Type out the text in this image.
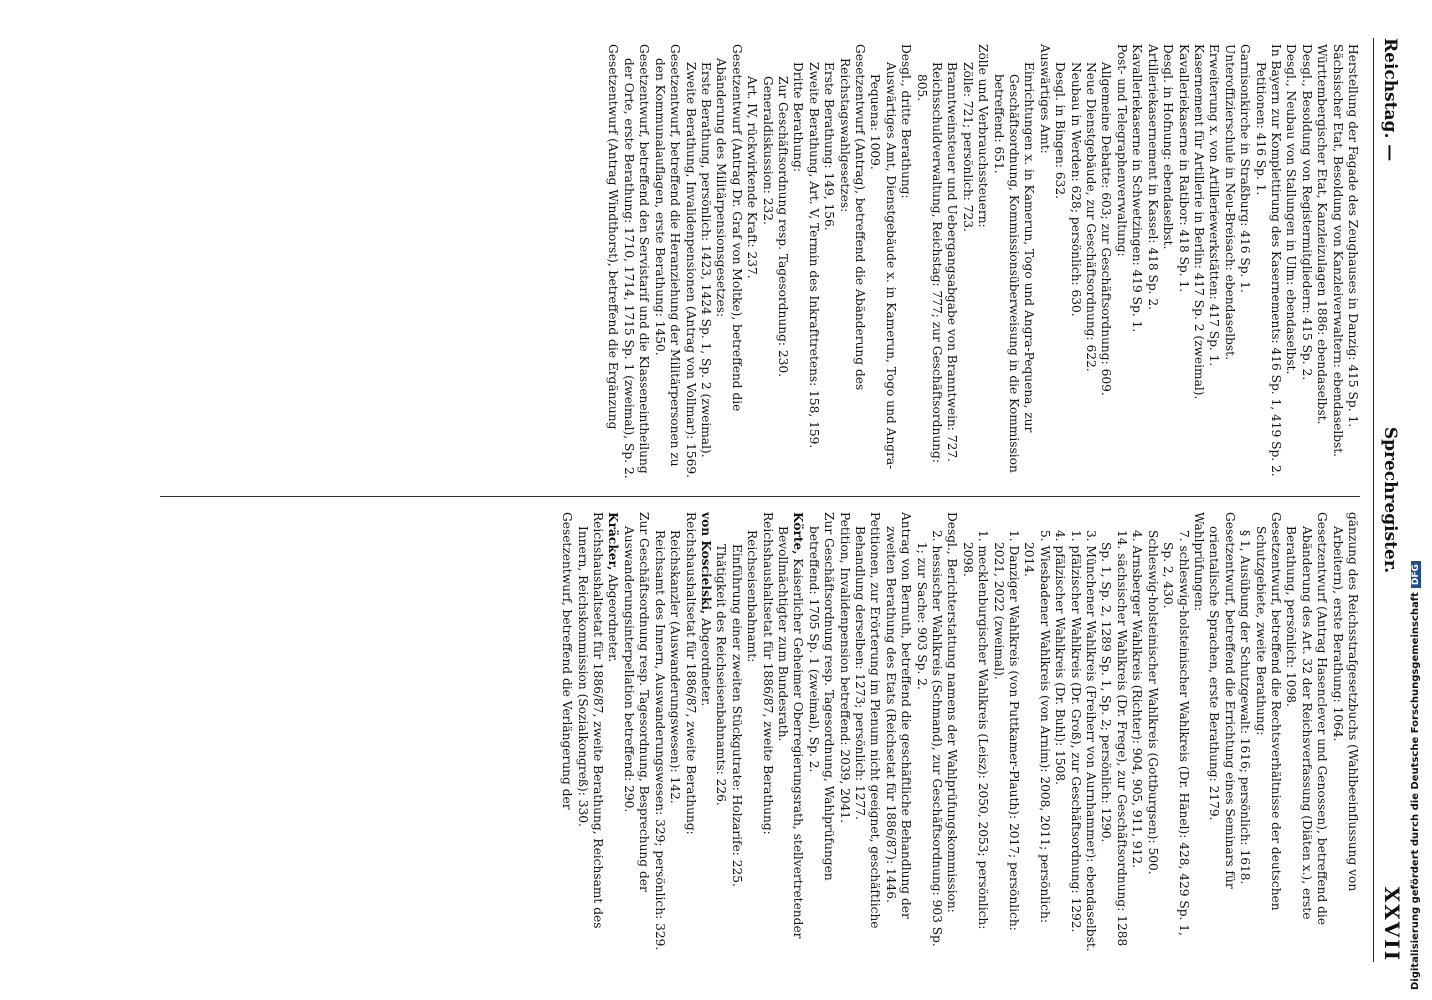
Reichstag. —
Sprechregister.
XXVII

Herstellung der Fagade des Zeughauses in Danzig: 415 Sp. 1.

Sächsischer Etat, Besoldung von Kanzleiverwaltern: ebendaselbst.

Württembergischer Etat, Kanzleizulagen 1886: ebendaselbst.

Desgl., Besoldung von Registermitgliedern: 415 Sp. 2.

Desgl., Neubau von Stallungen in Ulm: ebendaselbst.

In Bayern zur Komplettirung des Kasernements: 416 Sp. 1, 419 Sp. 2.

Petitionen: 416 Sp. 1.

Garnisonkirche in Straßburg: 416 Sp. 1.

Unteroffizierschule in Neu-Breisach: ebendaselbst.

Erweiterung x. von Artilleriewerkstätten: 417 Sp. 1.

Kasernement für Artillerie in Berlin: 417 Sp. 2 (zweimal).

Kavalleriekaserne in Ratibor: 418 Sp. 1.

Desgl. in Hofnung: ebendaselbst.

Artilleriekasernement in Kassel: 418 Sp. 2.

Kavalleriekaserne in Schwetzingen: 419 Sp. 1.

Post- und Telegraphenverwaltung:

Allgemeine Debatte: 603; zur Geschäftsordnung: 609.

Neue Dienstgebäude, zur Geschäftsordnung: 622.

Neubau in Werden: 628; persönlich: 630.

Desgl. in Bingen: 632.

Auswärtiges Amt:

Einrichtungen x. in Kamerun, Togo und Angra-Pequena, zur Geschäftsordnung, Kommissionsüberweisung in die Kommission betreffend: 651.

Zölle und Verbrauchssteuern:

Zölle: 721; persönlich: 723.

Branntweinsteuer und Uebergangsabgabe von Branntwein: 727.

Reichsschuldverwaltung, Reichstag: 777; zur Geschäftsordnung: 805.

Desgl., dritte Berathung:

Auswärtiges Amt, Dienstgebäude x. in Kamerun, Togo und Angra-Pequena: 1009.

Gesetzentwurf (Antrag), betreffend die Abänderung des Reichstagswahlgesetzes:

Erste Berathung: 149, 156.

Zweite Berathung, Art. V, Termin des Inkrafttretens: 158, 159.

Dritte Berathung:

Zur Geschäftsordnung resp. Tagesordnung: 230.

Generaldiskussion: 232.

Art. IV, rückwirkende Kraft: 237.

Gesetzentwurf (Antrag Dr. Graf von Moltke), betreffend die Abänderung des Militärpensionsgesetzes:

Erste Berathung, persönlich: 1423, 1424 Sp. 1, Sp. 2 (zweimal).

Zweite Berathung, Invalidenpensionen (Antrag von Vollmar): 1569.

Gesetzentwurf, betreffend die Heranziehung der Militärpersonen zu den Kommunalauflagen, erste Berathung: 1450.

Gesetzentwurf, betreffend den Servistarif und die Klasseneintheilung der Orte, erste Berathung: 1710, 1714, 1715 Sp. 1 (zweimal), Sp. 2.

Gesetzentwurf (Antrag Windthorst), betreffend die Ergänzung

gänzung des Reichsstrafgesetzbuchs (Wahlbeeinflussung von Arbeitern), erste Berathung: 1064.

Gesetzentwurf (Antrag Hasenclever und Genossen), betreffend die Abänderung des Art. 32 der Reichsverfassung (Diäten x.), erste Berathung, persönlich: 1098.

Gesetzentwurf, betreffend die Rechtsverhältnisse der deutschen Schutzgebiete, zweite Berathung:

§ 1, Ausübung der Schutzgewalt: 1616; persönlich: 1618.

Gesetzentwurf, betreffend die Errichtung eines Seminars für orientalische Sprachen, erste Berathung: 2179.

Wahlprüfungen:

7. schleswig-holsteinischer Wahlkreis (Dr. Hänel): 428, 429 Sp. 1, Sp. 2, 430.

Schleswig-holsteinischer Wahlkreis (Gottburgsen): 500.

4. Arnsberger Wahlkreis (Richter): 904, 905, 911, 912.

14. sächsischer Wahlkreis (Dr. Frege), zur Geschäftsordnung: 1288 Sp. 1, Sp. 2, 1289 Sp. 1, Sp. 2; persönlich: 1290.

3. Münchener Wahlkreis (Freiherr von Aurnhammer): ebendaselbst.

1. pfälzischer Wahlkreis (Dr. Groß), zur Geschäftsordnung: 1292.

4. pfälzischer Wahlkreis (Dr. Buhl): 1508.

5. Wiesbadener Wahlkreis (von Arnim): 2008, 2011; persönlich: 2014.

1. Danziger Wahlkreis (von Puttkamer-Plauth): 2017; persönlich: 2021, 2022 (zweimal).

1. mecklenburgischer Wahlkreis (Leisz): 2050, 2053; persönlich: 2098.

Desgl., Berichterstattung namens der Wahlprüfungskommission:

2. hessischer Wahlkreis (Schmand), zur Geschäftsordnung: 903 Sp. 1; zur Sache: 903 Sp. 2.

Antrag von Bernuth, betreffend die geschäftliche Behandlung der zweiten Berathung des Etats (Reichsetat für 1886/87): 1446.

Petitionen, zur Erörterung im Plenum nicht geeignet, geschäftliche Behandlung derselben: 1273; persönlich: 1277.

Petition, Invalidenpension betreffend: 2039, 2041.

Zur Geschäftsordnung resp. Tagesordnung, Wahlprüfungen betreffend: 1705 Sp. 1 (zweimal), Sp. 2.

Körte, Kaiserlicher Geheimer Oberregierungsrath, stellvertretender Bevollmächtigter zum Bundesrath.

Reichshaushaltsetat für 1886/87, zweite Berathung:

Reichseisenbahnamt:

Einführung einer zweiten Stückgutrate: Holzarife: 225.

Thätigkeit des Reichseisenbahnamts: 226.

von Koscielski, Abgeordneter.

Reichshaushaltsetat für 1886/87, zweite Berathung:

Reichskanzler (Auswanderungswesen): 142.

Reichsamt des Innern, Auswanderungswesen: 329; persönlich: 329.

Zur Geschäftsordnung resp. Tagesordnung, Besprechung der Auswanderungsinterpellation betreffend: 290.

Kräcker, Abgeordneter.

Reichshaushaltsetat für 1886/87, zweite Berathung, Reichsamt des Innern, Reichskommission (Sozialkongreß): 330.

Gesetzentwurf, betreffend die Verlängerung der	Digitalisierung gefördert durch die Deutsche ForschungsgemeinschaftDFG
